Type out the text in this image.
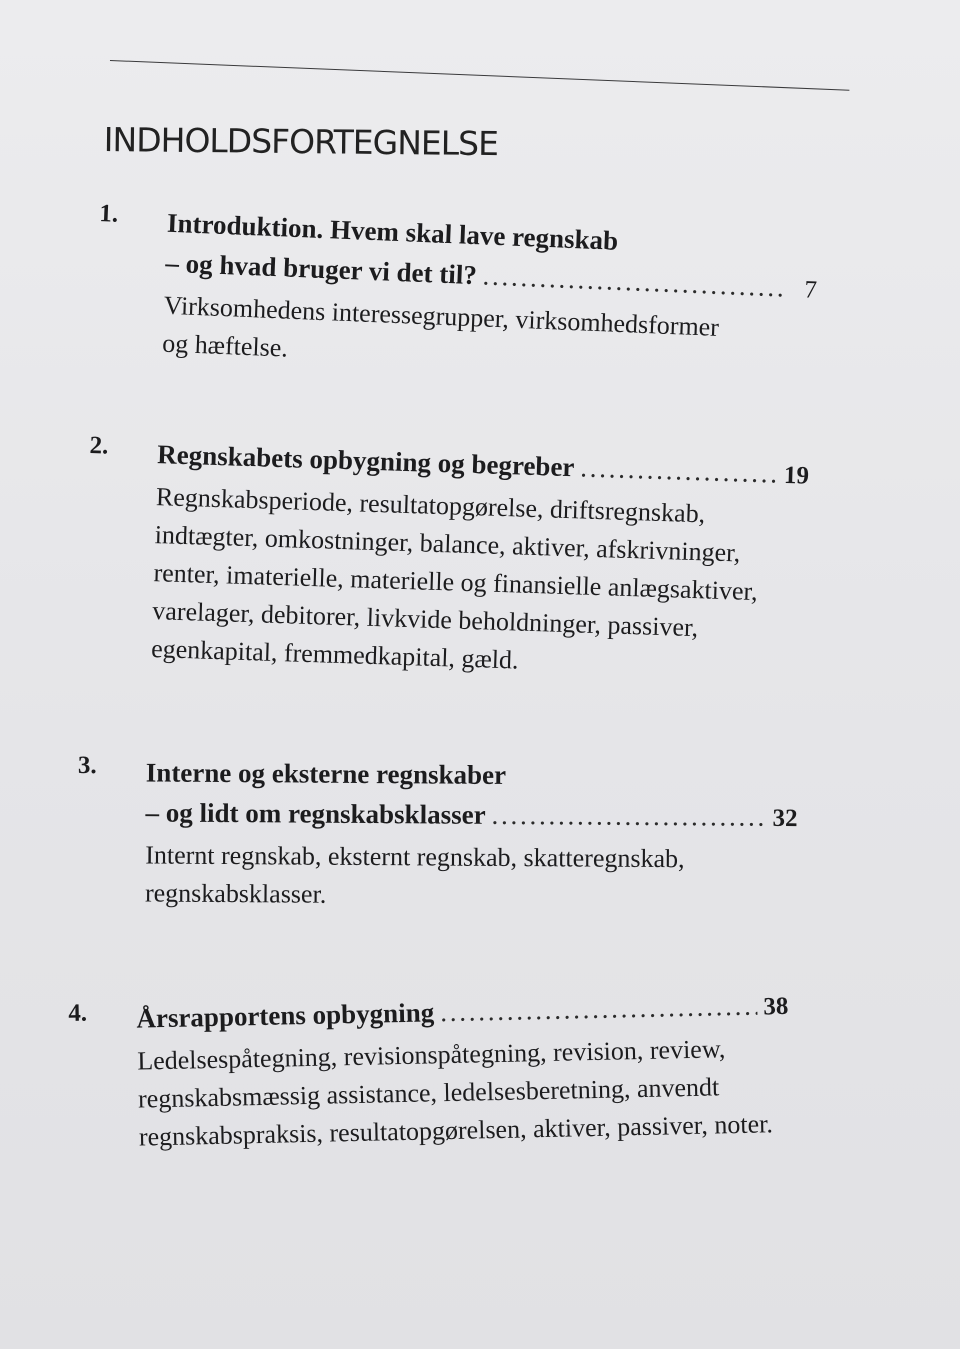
INDHOLDSFORTEGNELSE
1. Introduktion. Hvem skal lave regnskab
– og hvad bruger vi det til? . . .	7
Virksomhedens interessegrupper, virksomhedsformer
og hæftelse.
2. Regnskabets opbygning og begreber . . .	19
Regnskabsperiode, resultatopgørelse, driftsregnskab,
indtægter, omkostninger, balance, aktiver, afskrivninger,
renter, imaterielle, materielle og finansielle anlægsaktiver,
varelager, debitorer, livkvide beholdninger, passiver,
egenkapital, fremmedkapital, gæld.
3. Interne og eksterne regnskaber
– og lidt om regnskabsklasser . . .	32
Internt regnskab, eksternt regnskab, skatteregnskab,
regnskabsklasser.
4. Årsrapportens opbygning . . .	38
Ledelsespåtegning, revisionspåtegning, revision, review,
regnskabsmæssig assistance, ledelsesberetning, anvendt
regnskabspraksis, resultatopgørelsen, aktiver, passiver, noter.
